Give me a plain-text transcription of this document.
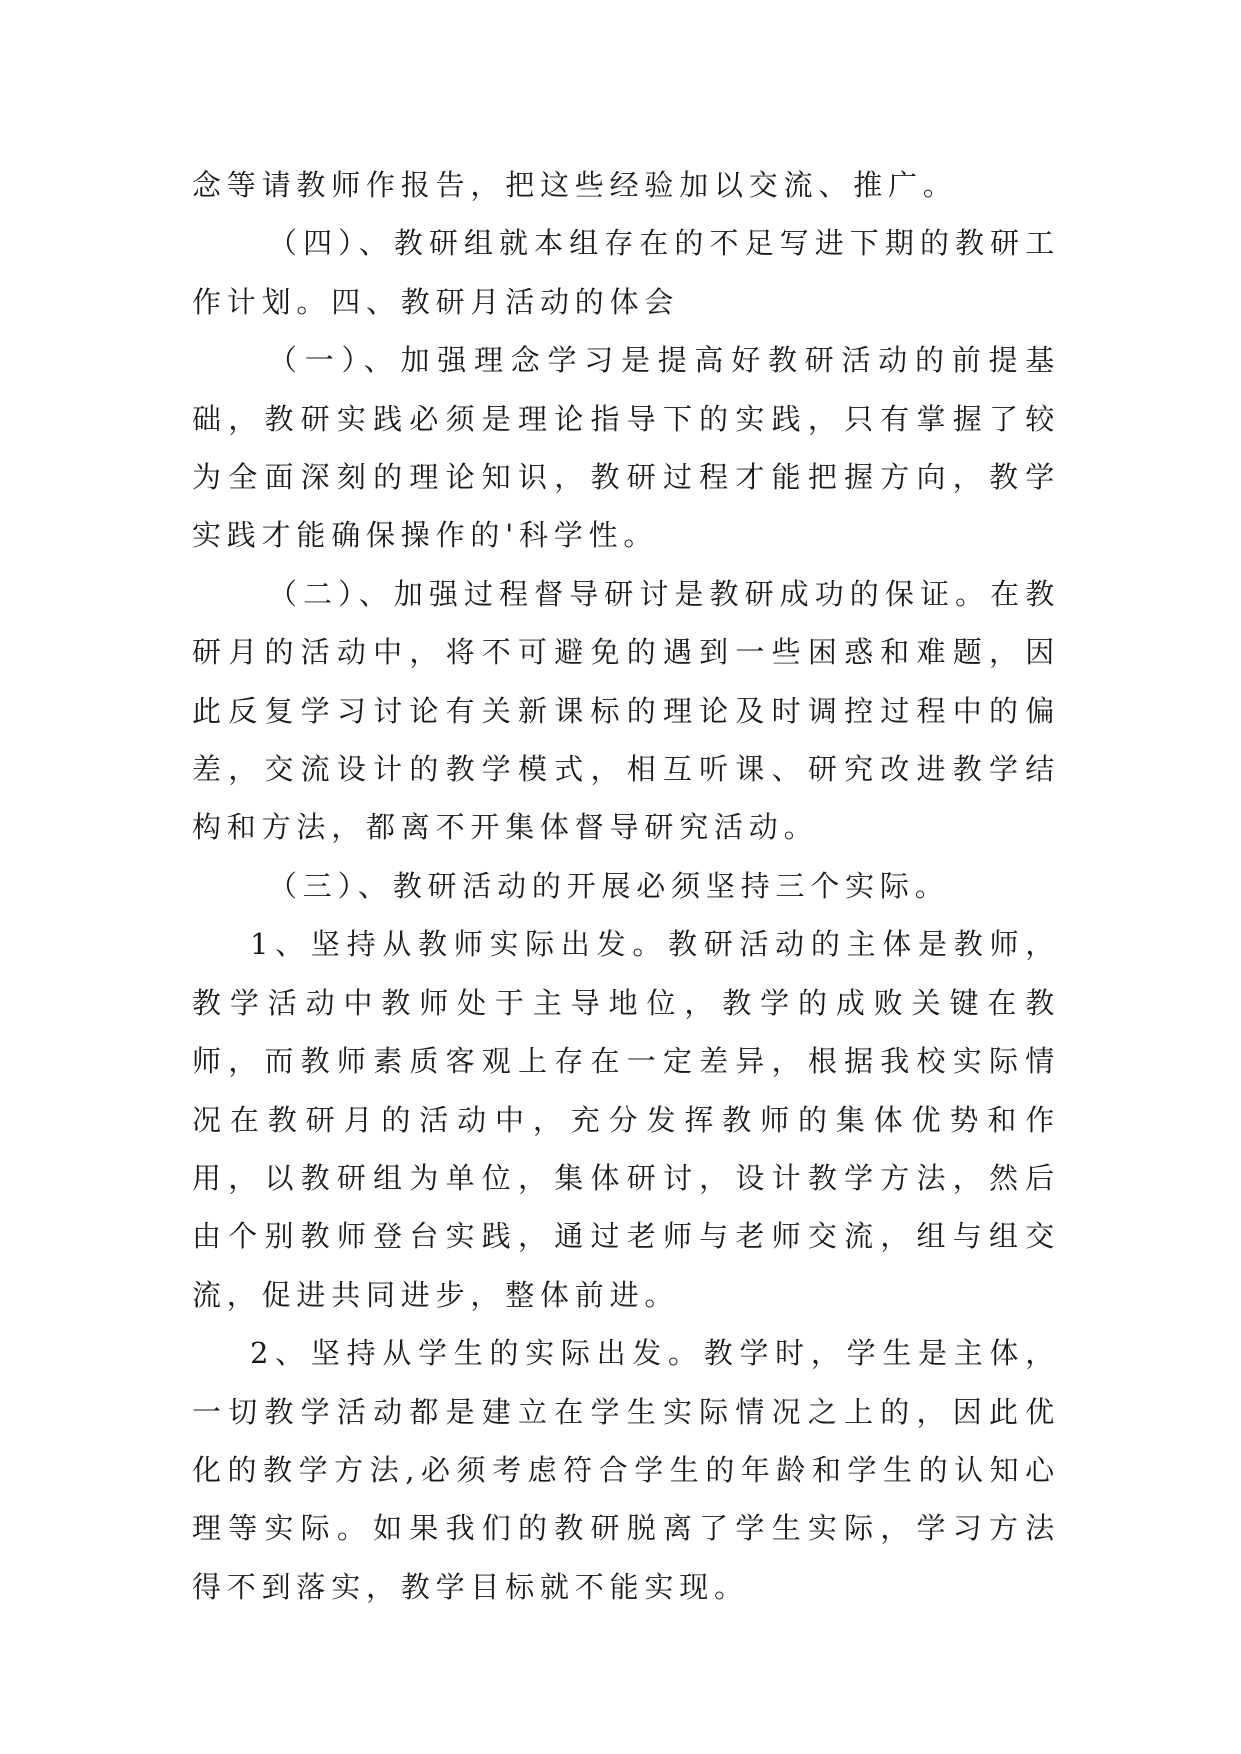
念等请教师作报告，把这些经验加以交流、推广。

（四）、教研组就本组存在的不足写进下期的教研工作计划。四、教研月活动的体会

（一）、加强理念学习是提高好教研活动的前提基础，教研实践必须是理论指导下的实践，只有掌握了较为全面深刻的理论知识，教研过程才能把握方向，教学实践才能确保操作的'科学性。

（二）、加强过程督导研讨是教研成功的保证。在教研月的活动中，将不可避免的遇到一些困惑和难题，因此反复学习讨论有关新课标的理论及时调控过程中的偏差，交流设计的教学模式，相互听课、研究改进教学结构和方法，都离不开集体督导研究活动。

（三）、教研活动的开展必须坚持三个实际。

1、坚持从教师实际出发。教研活动的主体是教师，教学活动中教师处于主导地位，教学的成败关键在教师，而教师素质客观上存在一定差异，根据我校实际情况在教研月的活动中，充分发挥教师的集体优势和作用，以教研组为单位，集体研讨，设计教学方法，然后由个别教师登台实践，通过老师与老师交流，组与组交流，促进共同进步，整体前进。

2、坚持从学生的实际出发。教学时，学生是主体，一切教学活动都是建立在学生实际情况之上的，因此优化的教学方法,必须考虑符合学生的年龄和学生的认知心理等实际。如果我们的教研脱离了学生实际，学习方法得不到落实，教学目标就不能实现。
